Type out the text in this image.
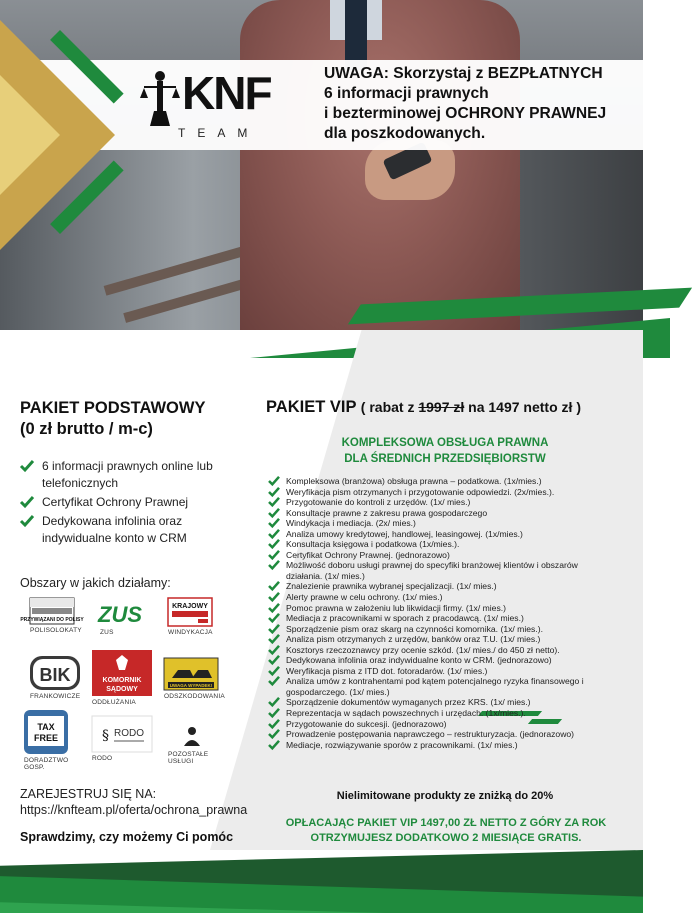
KNF
TEAM
UWAGA: Skorzystaj z BEZPŁATNYCH
6 informacji prawnych
i bezterminowej OCHRONY PRAWNEJ
dla poszkodowanych.
PAKIET PODSTAWOWY
(0 zł brutto / m-c)
6 informacji prawnych online lub telefonicznych
Certyfikat Ochrony Prawnej
Dedykowana infolinia oraz indywidualne konto w CRM
Obszary w jakich działamy:
PRZYWIĄZANI DO POLISY
POLISOLOKATY
ZUS
ZUS
KRAJOWY
WINDYKACJA
BIK
FRANKOWICZE
KOMORNIK
SĄDOWY
ODDŁUŻANIA
UWAGA WYPADEK!
ODSZKODOWANIA
TAX
FREE
DORADZTWO GOSP.
§ RODO
RODO
POZOSTAŁE USŁUGI
ZAREJESTRUJ SIĘ NA:
https://knfteam.pl/oferta/ochrona_prawna
Sprawdzimy, czy możemy Ci pomóc
PAKIET VIP ( rabat z 1997 zł na 1497 netto zł )
KOMPLEKSOWA OBSŁUGA PRAWNA
DLA ŚREDNICH PRZEDSIĘBIORSTW
Kompleksowa (branżowa) obsługa prawna – podatkowa. (1x/mies.)
Weryfikacja pism otrzymanych i przygotowanie odpowiedzi. (2x/mies.).
Przygotowanie do kontroli z urzędów. (1x/ mies.)
Konsultacje prawne z zakresu prawa gospodarczego
Windykacja i mediacja. (2x/ mies.)
Analiza umowy kredytowej, handlowej, leasingowej. (1x/mies.)
Konsultacja księgowa i podatkowa (1x/mies.).
Certyfikat Ochrony Prawnej. (jednorazowo)
Możliwość doboru usługi prawnej do specyfiki branżowej klientów i obszarów działania. (1x/ mies.)
Znalezienie prawnika wybranej specjalizacji. (1x/ mies.)
Alerty prawne w celu ochrony. (1x/ mies.)
Pomoc prawna w założeniu lub likwidacji firmy. (1x/ mies.)
Mediacja z pracownikami w sporach z pracodawcą. (1x/ mies.)
Sporządzenie pism oraz skarg na czynności komornika. (1x/ mies.).
Analiza pism otrzymanych z urzędów, banków oraz T.U. (1x/ mies.)
Kosztorys rzeczoznawcy przy ocenie szkód. (1x/ mies./ do 450 zł netto).
Dedykowana infolinia oraz indywidualne konto w CRM. (jednorazowo)
Weryfikacja pisma z ITD dot. fotoradarów. (1x/ mies.)
Analiza umów z kontrahentami pod kątem potencjalnego ryzyka finansowego i gospodarczego. (1x/ mies.)
Sporządzenie dokumentów wymaganych przez KRS. (1x/ mies.)
Reprezentacja w sądach powszechnych i urzędach. (1x/mies.).
Przygotowanie do sukcesji. (jednorazowo)
Prowadzenie postępowania naprawczego – restrukturyzacja. (jednorazowo)
Mediacje, rozwiązywanie sporów z pracownikami. (1x/ mies.)
Nielimitowane produkty ze zniżką do 20%
OPŁACAJĄC PAKIET VIP 1497,00 ZŁ NETTO Z GÓRY ZA ROK
OTRZYMUJESZ DODATKOWO 2 MIESIĄCE GRATIS.
